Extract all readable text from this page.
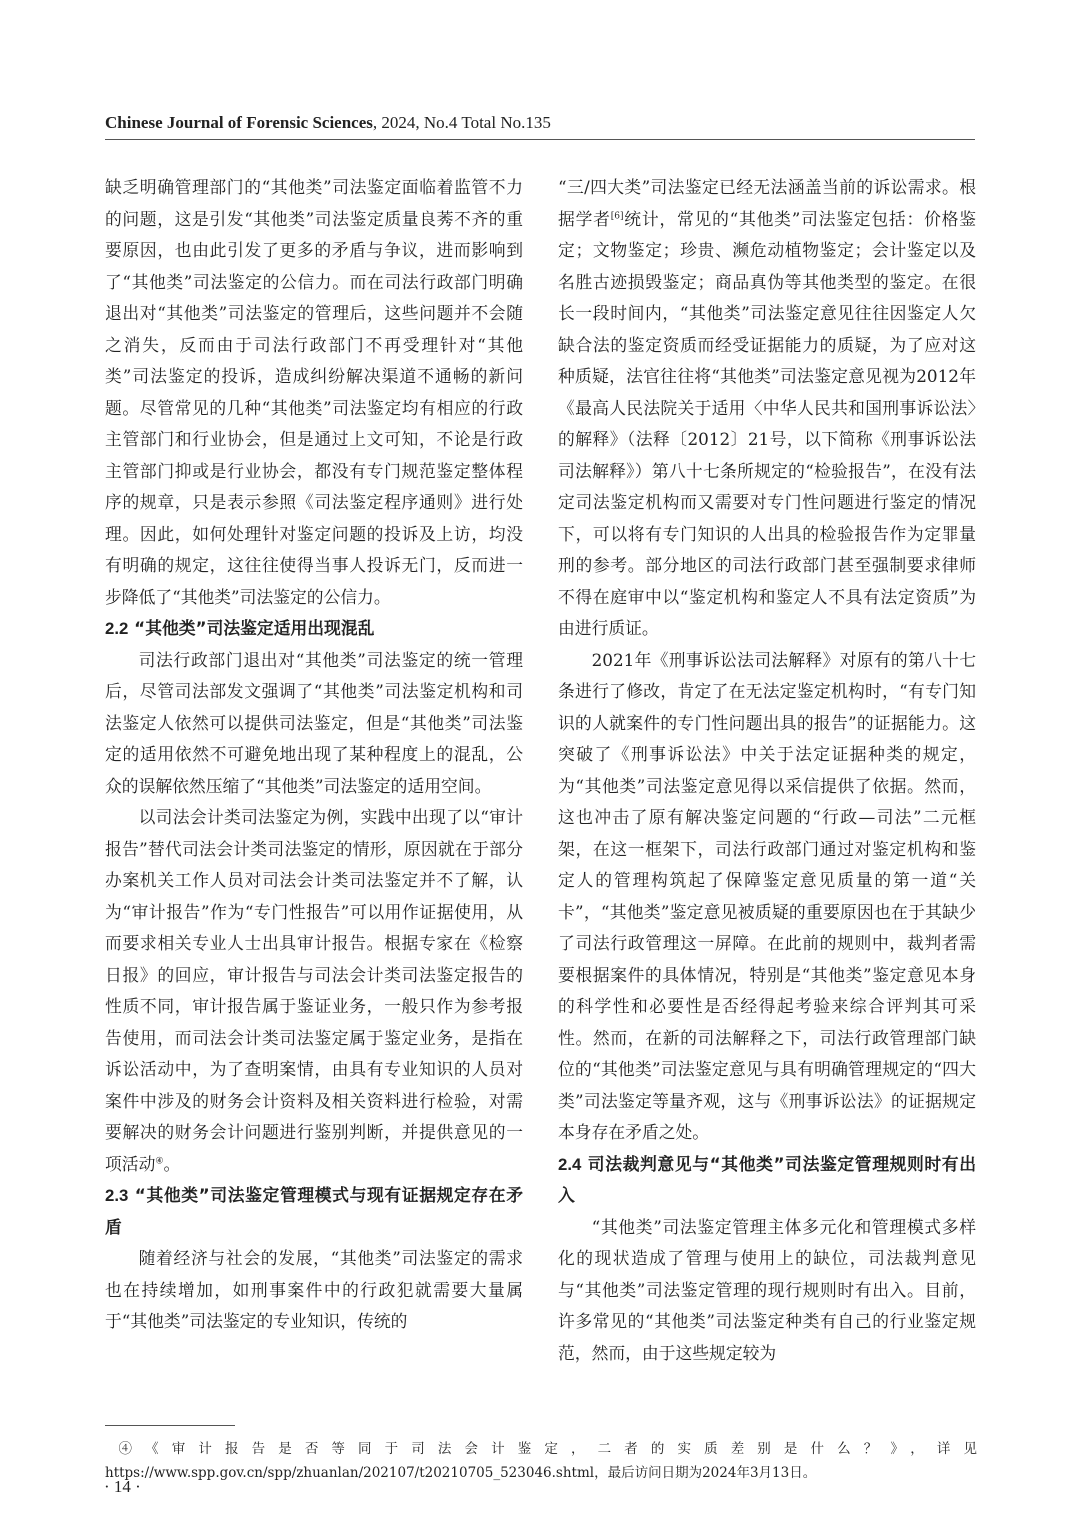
Chinese Journal of Forensic Sciences, 2024, No.4 Total No.135

缺乏明确管理部门的“其他类”司法鉴定面临着监管不力的问题，这是引发“其他类”司法鉴定质量良莠不齐的重要原因，也由此引发了更多的矛盾与争议，进而影响到了“其他类”司法鉴定的公信力。而在司法行政部门明确退出对“其他类”司法鉴定的管理后，这些问题并不会随之消失，反而由于司法行政部门不再受理针对“其他类”司法鉴定的投诉，造成纠纷解决渠道不通畅的新问题。尽管常见的几种“其他类”司法鉴定均有相应的行政主管部门和行业协会，但是通过上文可知，不论是行政主管部门抑或是行业协会，都没有专门规范鉴定整体程序的规章，只是表示参照《司法鉴定程序通则》进行处理。因此，如何处理针对鉴定问题的投诉及上访，均没有明确的规定，这往往使得当事人投诉无门，反而进一步降低了“其他类”司法鉴定的公信力。

2.2 “其他类”司法鉴定适用出现混乱

司法行政部门退出对“其他类”司法鉴定的统一管理后，尽管司法部发文强调了“其他类”司法鉴定机构和司法鉴定人依然可以提供司法鉴定，但是“其他类”司法鉴定的适用依然不可避免地出现了某种程度上的混乱，公众的误解依然压缩了“其他类”司法鉴定的适用空间。

以司法会计类司法鉴定为例，实践中出现了以“审计报告”替代司法会计类司法鉴定的情形，原因就在于部分办案机关工作人员对司法会计类司法鉴定并不了解，认为“审计报告”作为“专门性报告”可以用作证据使用，从而要求相关专业人士出具审计报告。根据专家在《检察日报》的回应，审计报告与司法会计类司法鉴定报告的性质不同，审计报告属于鉴证业务，一般只作为参考报告使用，而司法会计类司法鉴定属于鉴定业务，是指在诉讼活动中，为了查明案情，由具有专业知识的人员对案件中涉及的财务会计资料及相关资料进行检验，对需要解决的财务会计问题进行鉴别判断，并提供意见的一项活动④。

2.3 “其他类”司法鉴定管理模式与现有证据规定存在矛盾

随着经济与社会的发展，“其他类”司法鉴定的需求也在持续增加，如刑事案件中的行政犯就需要大量属于“其他类”司法鉴定的专业知识，传统的

“三/四大类”司法鉴定已经无法涵盖当前的诉讼需求。根据学者[6]统计，常见的“其他类”司法鉴定包括：价格鉴定；文物鉴定；珍贵、濒危动植物鉴定；会计鉴定以及名胜古迹损毁鉴定；商品真伪等其他类型的鉴定。在很长一段时间内，“其他类”司法鉴定意见往往因鉴定人欠缺合法的鉴定资质而经受证据能力的质疑，为了应对这种质疑，法官往往将“其他类”司法鉴定意见视为2012年《最高人民法院关于适用〈中华人民共和国刑事诉讼法〉的解释》（法释〔2012〕21号，以下简称《刑事诉讼法司法解释》）第八十七条所规定的“检验报告”，在没有法定司法鉴定机构而又需要对专门性问题进行鉴定的情况下，可以将有专门知识的人出具的检验报告作为定罪量刑的参考。部分地区的司法行政部门甚至强制要求律师不得在庭审中以“鉴定机构和鉴定人不具有法定资质”为由进行质证。

2021年《刑事诉讼法司法解释》对原有的第八十七条进行了修改，肯定了在无法定鉴定机构时，“有专门知识的人就案件的专门性问题出具的报告”的证据能力。这突破了《刑事诉讼法》中关于法定证据种类的规定，为“其他类”司法鉴定意见得以采信提供了依据。然而，这也冲击了原有解决鉴定问题的“行政—司法”二元框架，在这一框架下，司法行政部门通过对鉴定机构和鉴定人的管理构筑起了保障鉴定意见质量的第一道“关卡”，“其他类”鉴定意见被质疑的重要原因也在于其缺少了司法行政管理这一屏障。在此前的规则中，裁判者需要根据案件的具体情况，特别是“其他类”鉴定意见本身的科学性和必要性是否经得起考验来综合评判其可采性。然而，在新的司法解释之下，司法行政管理部门缺位的“其他类”司法鉴定意见与具有明确管理规定的“四大类”司法鉴定等量齐观，这与《刑事诉讼法》的证据规定本身存在矛盾之处。

2.4 司法裁判意见与“其他类”司法鉴定管理规则时有出入

“其他类”司法鉴定管理主体多元化和管理模式多样化的现状造成了管理与使用上的缺位，司法裁判意见与“其他类”司法鉴定管理的现行规则时有出入。目前，许多常见的“其他类”司法鉴定种类有自己的行业鉴定规范，然而，由于这些规定较为

④《审计报告是否等同于司法会计鉴定，二者的实质差别是什么？》，详见 https://www.spp.gov.cn/spp/zhuanlan/202107/t20210705_523046.shtml，最后访问日期为2024年3月13日。

· 14 ·
